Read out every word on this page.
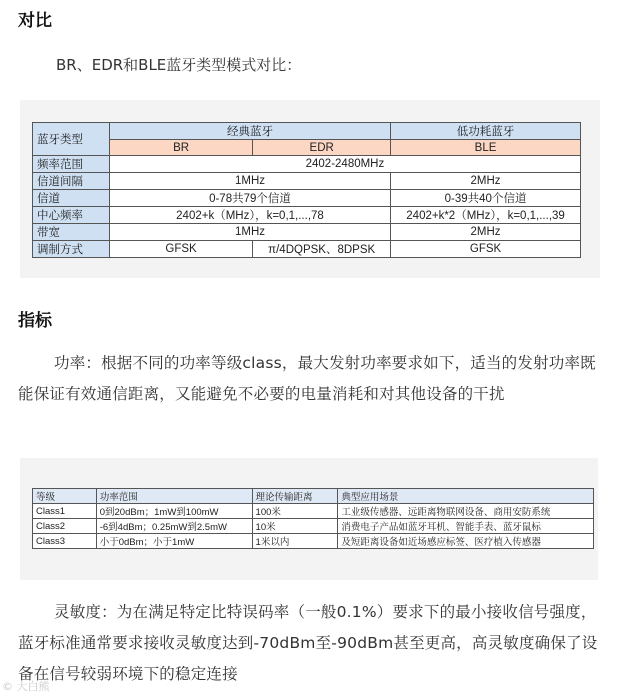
对比
BR、EDR和BLE蓝牙类型模式对比：
蓝牙类型	经典蓝牙		低功耗蓝牙
	BR	EDR	BLE
频率范围	2402-2480MHz		
信道间隔	1MHz		2MHz
信道	0-78共79个信道		0-39共40个信道
中心频率	2402+k（MHz），k=0,1,...,78		2402+k*2（MHz），k=0,1,...,39
带宽	1MHz		2MHz
调制方式	GFSK	π/4DQPSK、8DPSK	GFSK
指标
功率：根据不同的功率等级class，最大发射功率要求如下，适当的发射功率既能保证有效通信距离，又能避免不必要的电量消耗和对其他设备的干扰
等级	功率范围	理论传输距离	典型应用场景
Class1	0到20dBm；1mW到100mW	100米	工业级传感器、远距离物联网设备、商用安防系统
Class2	-6到4dBm；0.25mW到2.5mW	10米	消费电子产品如蓝牙耳机、智能手表、蓝牙鼠标
Class3	小于0dBm；小于1mW	1米以内	及短距离设备如近场感应标签、医疗植入传感器
灵敏度：为在满足特定比特误码率（一般0.1%）要求下的最小接收信号强度，蓝牙标准通常要求接收灵敏度达到-70dBm至-90dBm甚至更高，高灵敏度确保了设备在信号较弱环境下的稳定连接
© 大白熊
